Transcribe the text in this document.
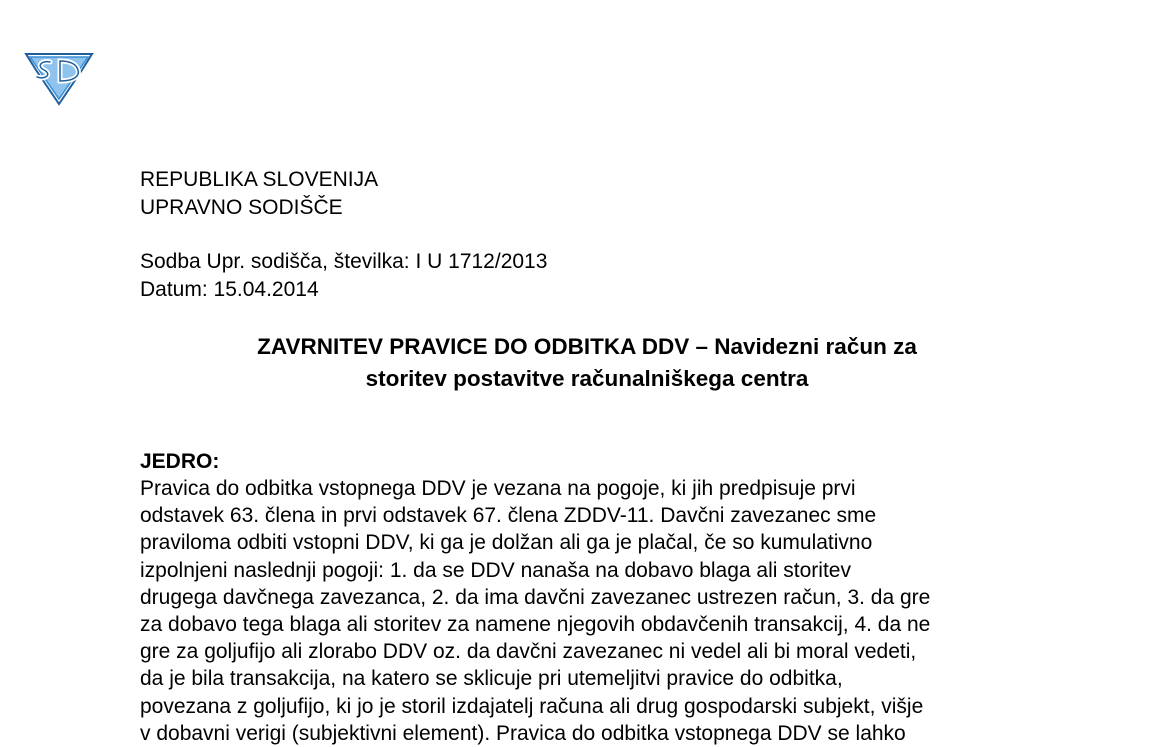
REPUBLIKA SLOVENIJA
UPRAVNO SODIŠČE
Sodba Upr. sodišča, številka: I U 1712/2013
Datum: 15.04.2014
ZAVRNITEV PRAVICE DO ODBITKA DDV – Navidezni račun za
storitev postavitve računalniškega centra
JEDRO:
Pravica do odbitka vstopnega DDV je vezana na pogoje, ki jih predpisuje prvi
odstavek 63. člena in prvi odstavek 67. člena ZDDV-11. Davčni zavezanec sme
praviloma odbiti vstopni DDV, ki ga je dolžan ali ga je plačal, če so kumulativno
izpolnjeni naslednji pogoji: 1. da se DDV nanaša na dobavo blaga ali storitev
drugega davčnega zavezanca, 2. da ima davčni zavezanec ustrezen račun, 3. da gre
za dobavo tega blaga ali storitev za namene njegovih obdavčenih transakcij, 4. da ne
gre za goljufijo ali zlorabo DDV oz. da davčni zavezanec ni vedel ali bi moral vedeti,
da je bila transakcija, na katero se sklicuje pri utemeljitvi pravice do odbitka,
povezana z goljufijo, ki jo je storil izdajatelj računa ali drug gospodarski subjekt, višje
v dobavni verigi (subjektivni element). Pravica do odbitka vstopnega DDV se lahko
